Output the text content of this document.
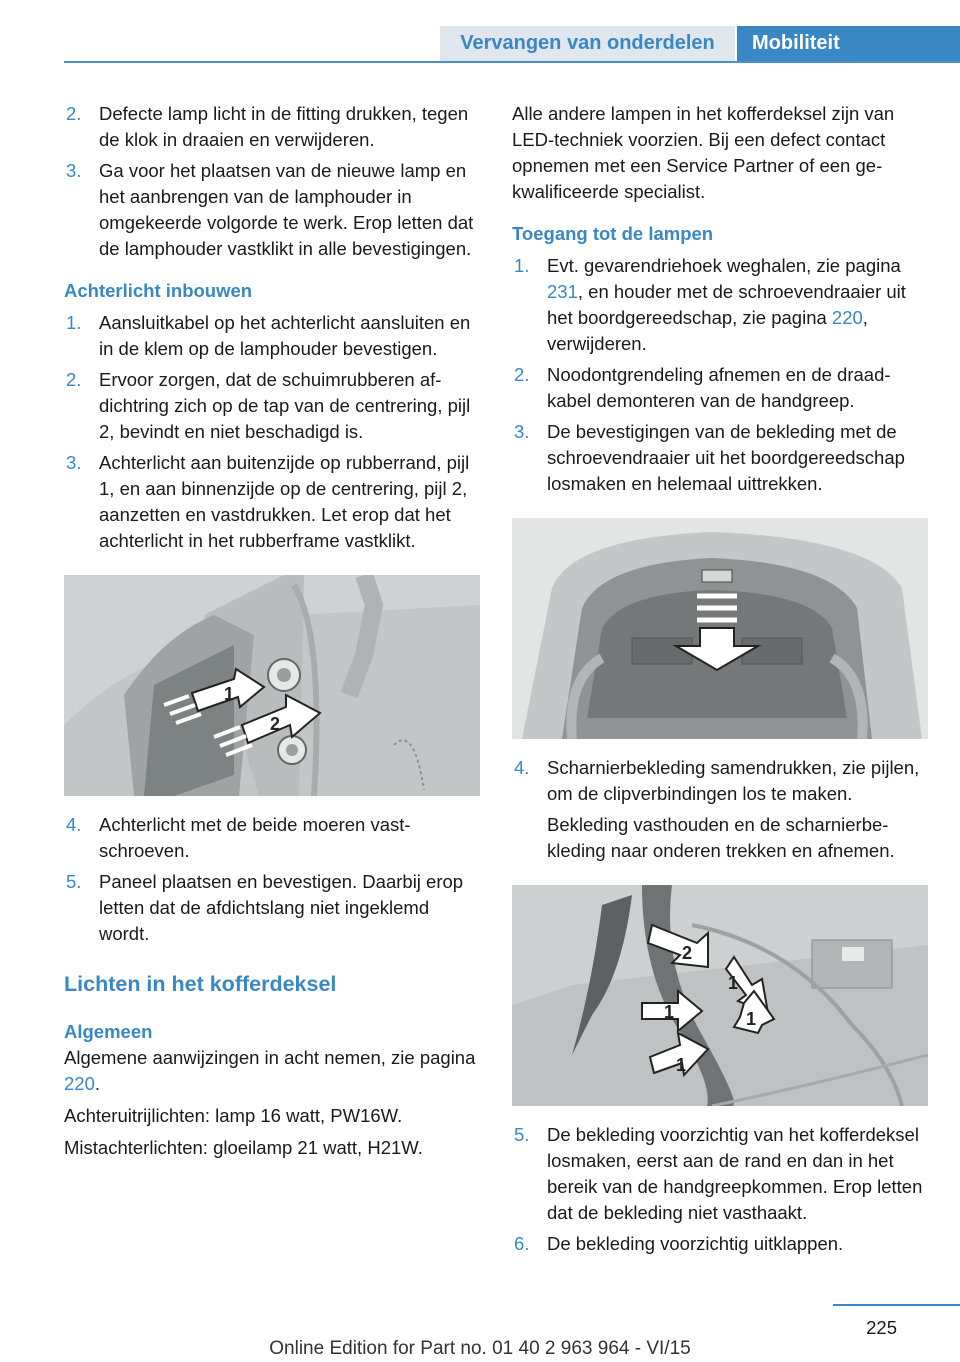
Vervangen van onderdelen	Mobiliteit
2. Defecte lamp licht in de fitting drukken, tegen de klok in draaien en verwijderen.
3. Ga voor het plaatsen van de nieuwe lamp en het aanbrengen van de lamphouder in omgekeerde volgorde te werk. Erop letten dat de lamphouder vastklikt in alle bevestigingen.
Achterlicht inbouwen
1. Aansluitkabel op het achterlicht aansluiten en in de klem op de lamphouder bevestigen.
2. Ervoor zorgen, dat de schuimrubberen afdichtring zich op de tap van de centrering, pijl 2, bevindt en niet beschadigd is.
3. Achterlicht aan buitenzijde op rubberrand, pijl 1, en aan binnenzijde op de centrering, pijl 2, aanzetten en vastdrukken. Let erop dat het achterlicht in het rubberframe vastklikt.
1
2
4. Achterlicht met de beide moeren vastschroeven.
5. Paneel plaatsen en bevestigen. Daarbij erop letten dat de afdichtslang niet ingeklemd wordt.
Lichten in het kofferdeksel
Algemeen

Algemene aanwijzingen in acht nemen, zie pagina 220.

Achteruitrijlichten: lamp 16 watt, PW16W.

Mistachterlichten: gloeilamp 21 watt, H21W.

Alle andere lampen in het kofferdeksel zijn van LED-techniek voorzien. Bij een defect contact opnemen met een Service Partner of een gekwalificeerde specialist.

Toegang tot de lampen
1. Evt. gevarendriehoek weghalen, zie pagina 231, en houder met de schroevendraaier uit het boordgereedschap, zie pagina 220, verwijderen.
2. Noodontgrendeling afnemen en de draadkabel demonteren van de handgreep.
3. De bevestigingen van de bekleding met de schroevendraaier uit het boordgereedschap losmaken en helemaal uittrekken.
4. Scharnierbekleding samendrukken, zie pijlen, om de clipverbindingen los te maken.
Bekleding vasthouden en de scharnierbekleding naar onderen trekken en afnemen.
2
1
1	1
1
5. De bekleding voorzichtig van het kofferdeksel losmaken, eerst aan de rand en dan in het bereik van de handgreepkommen. Erop letten dat de bekleding niet vasthaakt.
6. De bekleding voorzichtig uitklappen.
225
Online Edition for Part no. 01 40 2 963 964 - VI/15
